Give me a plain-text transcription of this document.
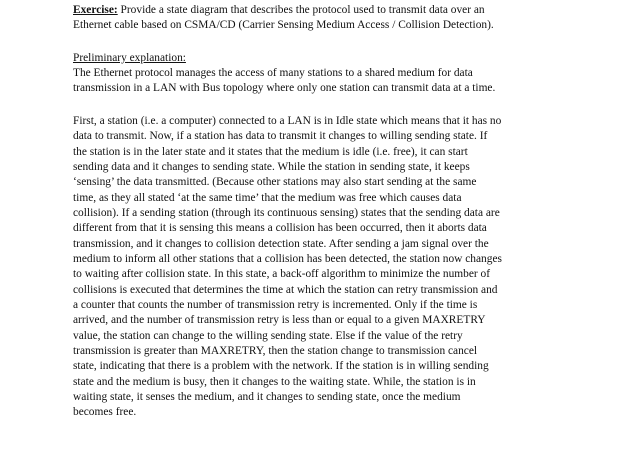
Exercise: Provide a state diagram that describes the protocol used to transmit data over an
Ethernet cable based on CSMA/CD (Carrier Sensing Medium Access / Collision Detection).
Preliminary explanation:
The Ethernet protocol manages the access of many stations to a shared medium for data
transmission in a LAN with Bus topology where only one station can transmit data at a time.
First, a station (i.e. a computer) connected to a LAN is in Idle state which means that it has no
data to transmit. Now, if a station has data to transmit it changes to willing sending state. If
the station is in the later state and it states that the medium is idle (i.e. free), it can start
sending data and it changes to sending state. While the station in sending state, it keeps
‘sensing’ the data transmitted. (Because other stations may also start sending at the same
time, as they all stated ‘at the same time’ that the medium was free which causes data
collision). If a sending station (through its continuous sensing) states that the sending data are
different from that it is sensing this means a collision has been occurred, then it aborts data
transmission, and it changes to collision detection state. After sending a jam signal over the
medium to inform all other stations that a collision has been detected, the station now changes
to waiting after collision state. In this state, a back-off algorithm to minimize the number of
collisions is executed that determines the time at which the station can retry transmission and
a counter that counts the number of transmission retry is incremented. Only if the time is
arrived, and the number of transmission retry is less than or equal to a given MAXRETRY
value, the station can change to the willing sending state. Else if the value of the retry
transmission is greater than MAXRETRY, then the station change to transmission cancel
state, indicating that there is a problem with the network. If the station is in willing sending
state and the medium is busy, then it changes to the waiting state. While, the station is in
waiting state, it senses the medium, and it changes to sending state, once the medium
becomes free.
